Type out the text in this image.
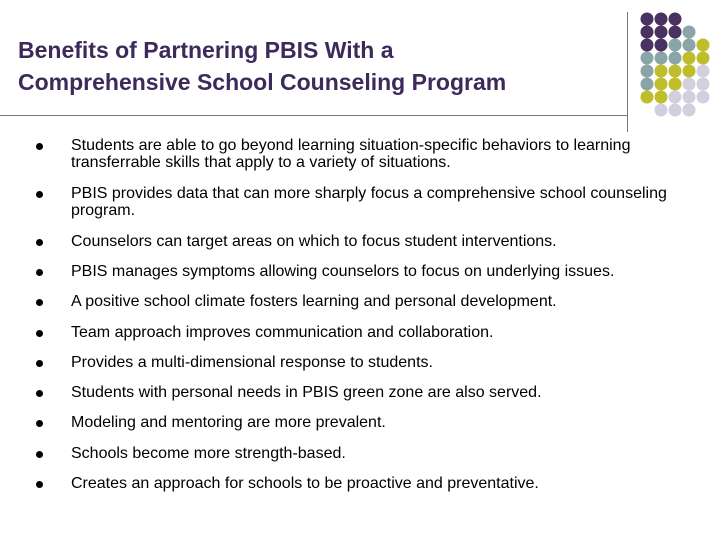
Benefits of Partnering PBIS With a
Comprehensive School Counseling Program
Students are able to go beyond learning situation-specific behaviors to learning transferrable skills that apply to a variety of situations.
PBIS provides data that can more sharply focus a comprehensive school counseling program.
Counselors can target areas on which to focus student interventions.
PBIS manages symptoms allowing counselors to focus on underlying issues.
A positive school climate fosters learning and personal development.
Team approach improves communication and collaboration.
Provides a multi-dimensional response to students.
Students with personal needs in PBIS green zone are also served.
Modeling and mentoring are more prevalent.
Schools become more strength-based.
Creates an approach for schools to be proactive and preventative.
